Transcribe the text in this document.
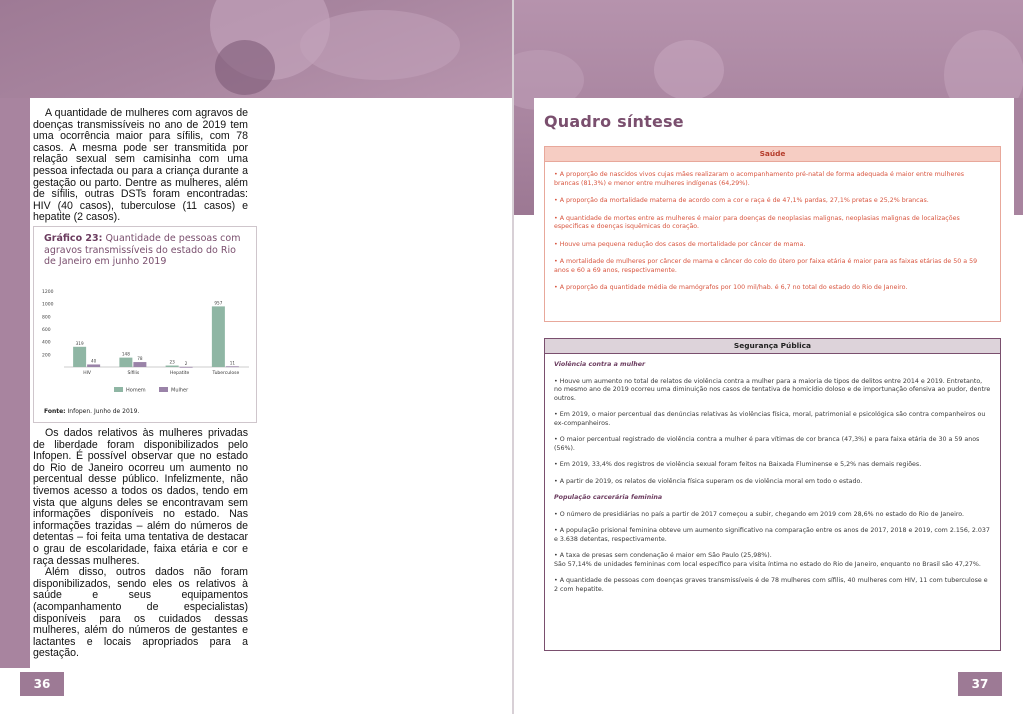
A quantidade de mulheres com agravos de doenças transmissíveis no ano de 2019 tem uma ocorrência maior para sífilis, com 78 casos. A mesma pode ser transmitida por relação sexual sem camisinha com uma pessoa infectada ou para a criança durante a gestação ou parto. Dentre as mulheres, além de sífilis, outras DSTs foram encontradas: HIV (40 casos), tuberculose (11 casos) e hepatite (2 casos).

Gráfico 23: Quantidade de pessoas com agravos transmissíveis do estado do Rio de Janeiro em junho 2019
200
400
600
800
1000
1200
319
40
HIV
148
78
Sífilis
23 2
Hepatite
957
11
Tuberculose
Homem	Mulher
Fonte: Infopen. Junho de 2019.

Os dados relativos às mulheres privadas de liberdade foram disponibilizados pelo Infopen. É possível observar que no estado do Rio de Janeiro ocorreu um aumento no percentual desse público. Infelizmente, não tivemos acesso a todos os dados, tendo em vista que alguns deles se encontravam sem informações disponíveis no estado. Nas informações trazidas – além do números de detentas – foi feita uma tentativa de destacar o grau de escolaridade, faixa etária e cor e raça dessas mulheres.

Além disso, outros dados não foram disponibilizados, sendo eles os relativos à saúde e seus equipamentos (acompanhamento de especialistas) disponíveis para os cuidados dessas mulheres, além do números de gestantes e lactantes e locais apropriados para a gestação.

36
Quadro síntese
Saúde
• A proporção de nascidos vivos cujas mães realizaram o acompanhamento pré-natal de forma adequada é maior entre mulheres brancas (81,3%) e menor entre mulheres indígenas (64,29%).
• A proporção da mortalidade materna de acordo com a cor e raça é de 47,1% pardas, 27,1% pretas e 25,2% brancas.
• A quantidade de mortes entre as mulheres é maior para doenças de neoplasias malignas, neoplasias malignas de localizações especificas e doenças isquêmicas do coração.
• Houve uma pequena redução dos casos de mortalidade por câncer de mama.
• A mortalidade de mulheres por câncer de mama e câncer do colo do útero por faixa etária é maior para as faixas etárias de 50 a 59 anos e 60 a 69 anos, respectivamente.
• A proporção da quantidade média de mamógrafos por 100 mil/hab. é 6,7 no total do estado do Rio de Janeiro.
Segurança Pública
Violência contra a mulher
• Houve um aumento no total de relatos de violência contra a mulher para a maioria de tipos de delitos entre 2014 e 2019. Entretanto, no mesmo ano de 2019 ocorreu uma diminuição nos casos de tentativa de homicídio doloso e de importunação ofensiva ao pudor, dentre outros.
• Em 2019, o maior percentual das denúncias relativas às violências física, moral, patrimonial e psicológica são contra companheiros ou ex-companheiros.
• O maior percentual registrado de violência contra a mulher é para vítimas de cor branca (47,3%) e para faixa etária de 30 a 59 anos (56%).
• Em 2019, 33,4% dos registros de violência sexual foram feitos na Baixada Fluminense e 5,2% nas demais regiões.
• A partir de 2019, os relatos de violência física superam os de violência moral em todo o estado.
População carcerária feminina
• O número de presidiárias no país a partir de 2017 começou a subir, chegando em 2019 com 28,6% no estado do Rio de Janeiro.
• A população prisional feminina obteve um aumento significativo na comparação entre os anos de 2017, 2018 e 2019, com 2.156, 2.037 e 3.638 detentas, respectivamente.
• A taxa de presas sem condenação é maior em São Paulo (25,98%).
São 57,14% de unidades femininas com local específico para visita íntima no estado do Rio de Janeiro, enquanto no Brasil são 47,27%.
• A quantidade de pessoas com doenças graves transmissíveis é de 78 mulheres com sífilis, 40 mulheres com HIV, 11 com tuberculose e 2 com hepatite.
37
